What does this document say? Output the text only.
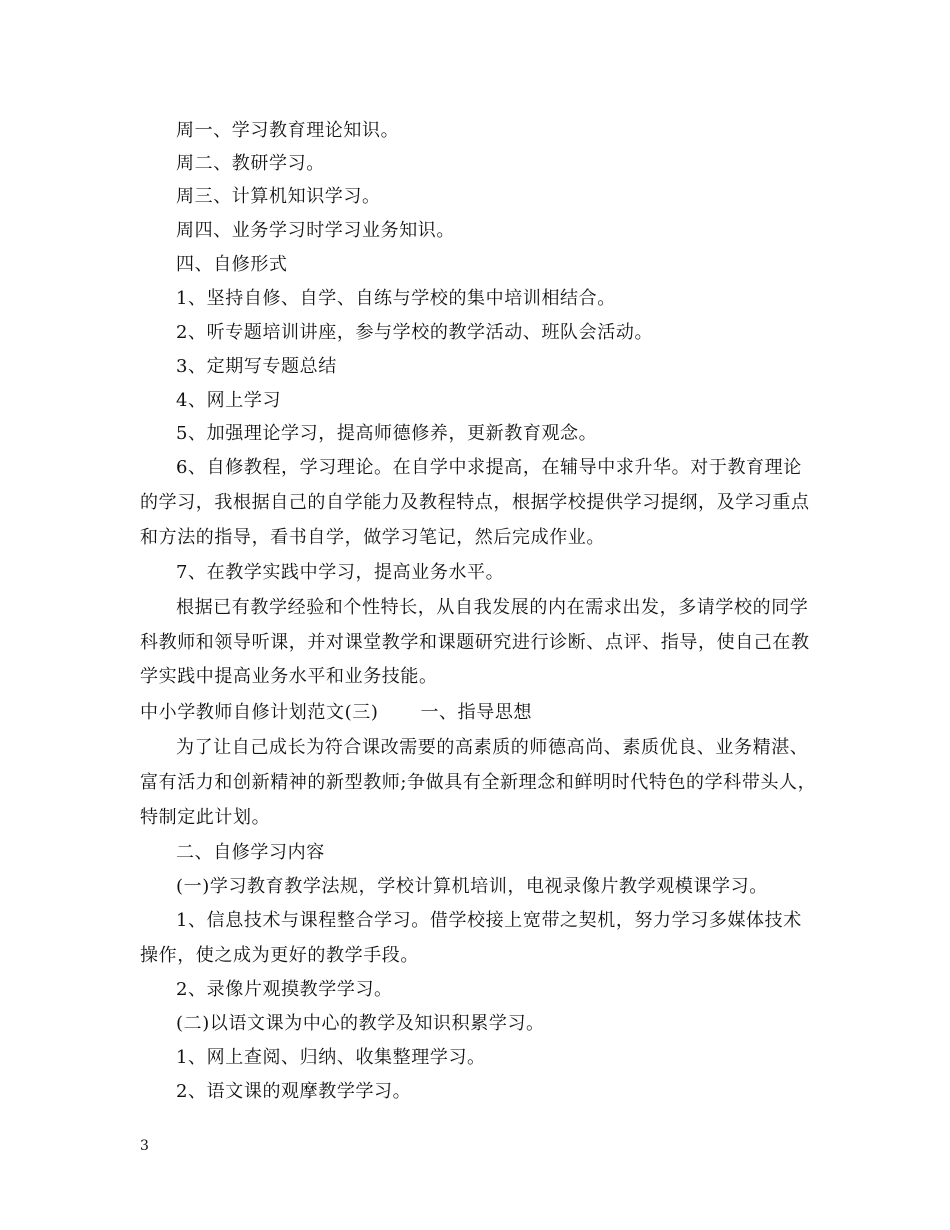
周一、学习教育理论知识。
周二、教研学习。
周三、计算机知识学习。
周四、业务学习时学习业务知识。
四、自修形式
1、坚持自修、自学、自练与学校的集中培训相结合。
2、听专题培训讲座，参与学校的教学活动、班队会活动。
3、定期写专题总结
4、网上学习
5、加强理论学习，提高师德修养，更新教育观念。
6、自修教程，学习理论。在自学中求提高，在辅导中求升华。对于教育理论
的学习，我根据自己的自学能力及教程特点，根据学校提供学习提纲，及学习重点
和方法的指导，看书自学，做学习笔记，然后完成作业。
7、在教学实践中学习，提高业务水平。
根据已有教学经验和个性特长，从自我发展的内在需求出发，多请学校的同学
科教师和领导听课，并对课堂教学和课题研究进行诊断、点评、指导，使自己在教
学实践中提高业务水平和业务技能。
中小学教师自修计划范文(三) 一、指导思想
为了让自己成长为符合课改需要的高素质的师德高尚、素质优良、业务精湛、
富有活力和创新精神的新型教师;争做具有全新理念和鲜明时代特色的学科带头人，
特制定此计划。
二、自修学习内容
(一)学习教育教学法规，学校计算机培训，电视录像片教学观模课学习。
1、信息技术与课程整合学习。借学校接上宽带之契机，努力学习多媒体技术
操作，使之成为更好的教学手段。
2、录像片观摸教学学习。
(二)以语文课为中心的教学及知识积累学习。
1、网上查阅、归纳、收集整理学习。
2、语文课的观摩教学学习。
3
